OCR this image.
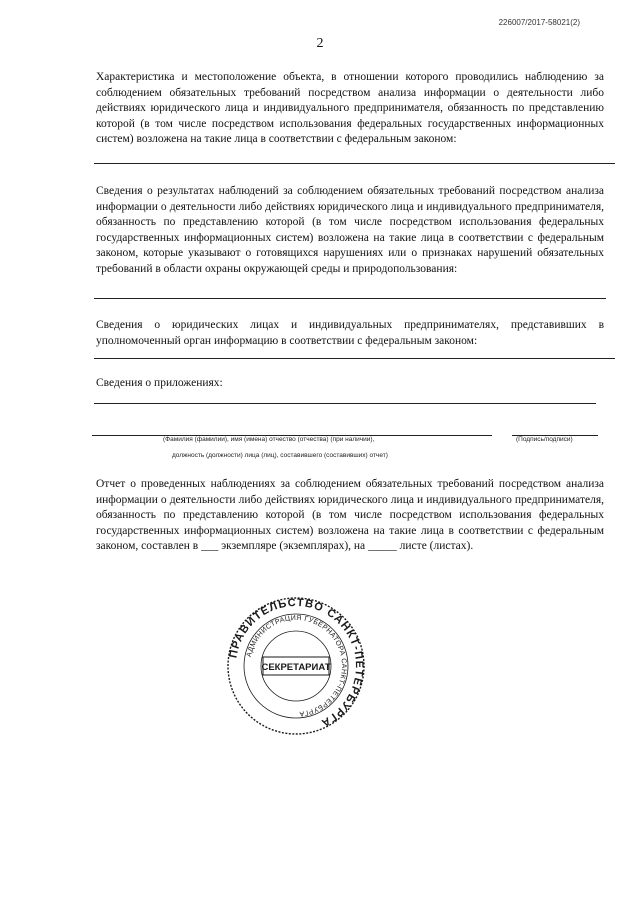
226007/2017-58021(2)
2
Характеристика и местоположение объекта, в отношении которого проводились наблюдению за соблюдением обязательных требований посредством анализа информации о деятельности либо действиях юридического лица и индивидуального предпринимателя, обязанность по представлению которой (в том числе посредством использования федеральных государственных информационных систем) возложена на такие лица в соответствии с федеральным законом:
Сведения о результатах наблюдений за соблюдением обязательных требований посредством анализа информации о деятельности либо действиях юридического лица и индивидуального предпринимателя, обязанность по представлению которой (в том числе посредством использования федеральных государственных информационных систем) возложена на такие лица в соответствии с федеральным законом, которые указывают о готовящихся нарушениях или о признаках нарушений обязательных требований в области охраны окружающей среды и природопользования:
Сведения о юридических лицах и индивидуальных предпринимателях, представивших в уполномоченный орган информацию в соответствии с федеральным законом:
Сведения о приложениях:
(Фамилия (фамилии), имя (имена) отчество (отчества) (при наличии),	(Подпись/подписи)
должность (должности) лица (лиц), составившего (составивших) отчет)
Отчет о проведенных наблюдениях за соблюдением обязательных требований посредством анализа информации о деятельности либо действиях юридического лица и индивидуального предпринимателя, обязанность по представлению которой (в том числе посредством использования федеральных государственных информационных систем) возложена на такие лица в соответствии с федеральным законом, составлен в ___ экземпляре (экземплярах), на _____ листе (листах).
ПРАВИТЕЛЬСТВО САНКТ-ПЕТЕРБУРГА
АДМИНИСТРАЦИЯ ГУБЕРНАТОРА САНКТ-ПЕТЕРБУРГА
СЕКРЕТАРИАТ
